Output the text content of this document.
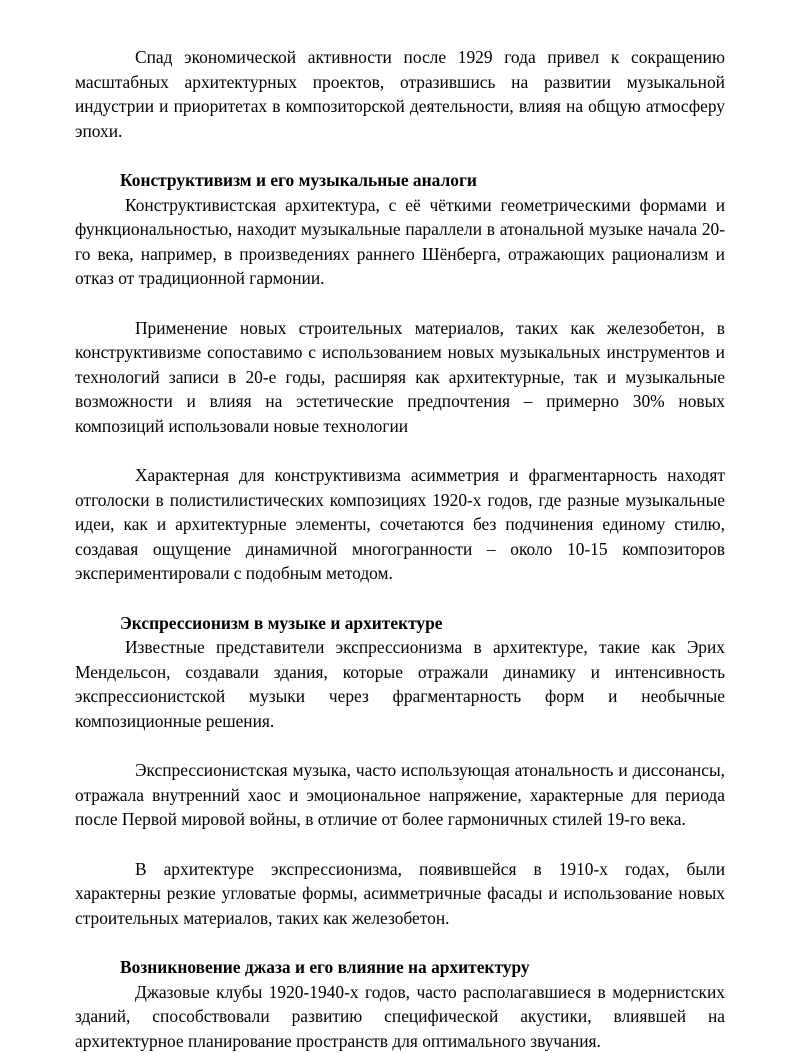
Спад экономической активности после 1929 года привел к сокращению масштабных архитектурных проектов, отразившись на развитии музыкальной индустрии и приоритетах в композиторской деятельности, влияя на общую атмосферу эпохи.

Конструктивизм и его музыкальные аналоги

Конструктивистская архитектура, с её чёткими геометрическими формами и функциональностью, находит музыкальные параллели в атональной музыке начала 20-го века, например, в произведениях раннего Шёнберга, отражающих рационализм и отказ от традиционной гармонии.

Применение новых строительных материалов, таких как железобетон, в конструктивизме сопоставимо с использованием новых музыкальных инструментов и технологий записи в 20-е годы, расширяя как архитектурные, так и музыкальные возможности и влияя на эстетические предпочтения – примерно 30% новых композиций использовали новые технологии

Характерная для конструктивизма асимметрия и фрагментарность находят отголоски в полистилистических композициях 1920-х годов, где разные музыкальные идеи, как и архитектурные элементы, сочетаются без подчинения единому стилю, создавая ощущение динамичной многогранности – около 10-15 композиторов экспериментировали с подобным методом.

Экспрессионизм в музыке и архитектуре

Известные представители экспрессионизма в архитектуре, такие как Эрих Мендельсон, создавали здания, которые отражали динамику и интенсивность экспрессионистской музыки через фрагментарность форм и необычные композиционные решения.

Экспрессионистская музыка, часто использующая атональность и диссонансы, отражала внутренний хаос и эмоциональное напряжение, характерные для периода после Первой мировой войны, в отличие от более гармоничных стилей 19-го века.

В архитектуре экспрессионизма, появившейся в 1910-х годах, были характерны резкие угловатые формы, асимметричные фасады и использование новых строительных материалов, таких как железобетон.

Возникновение джаза и его влияние на архитектуру

Джазовые клубы 1920-1940-х годов, часто располагавшиеся в модернистских зданий, способствовали развитию специфической акустики, влиявшей на архитектурное планирование пространств для оптимального звучания.
